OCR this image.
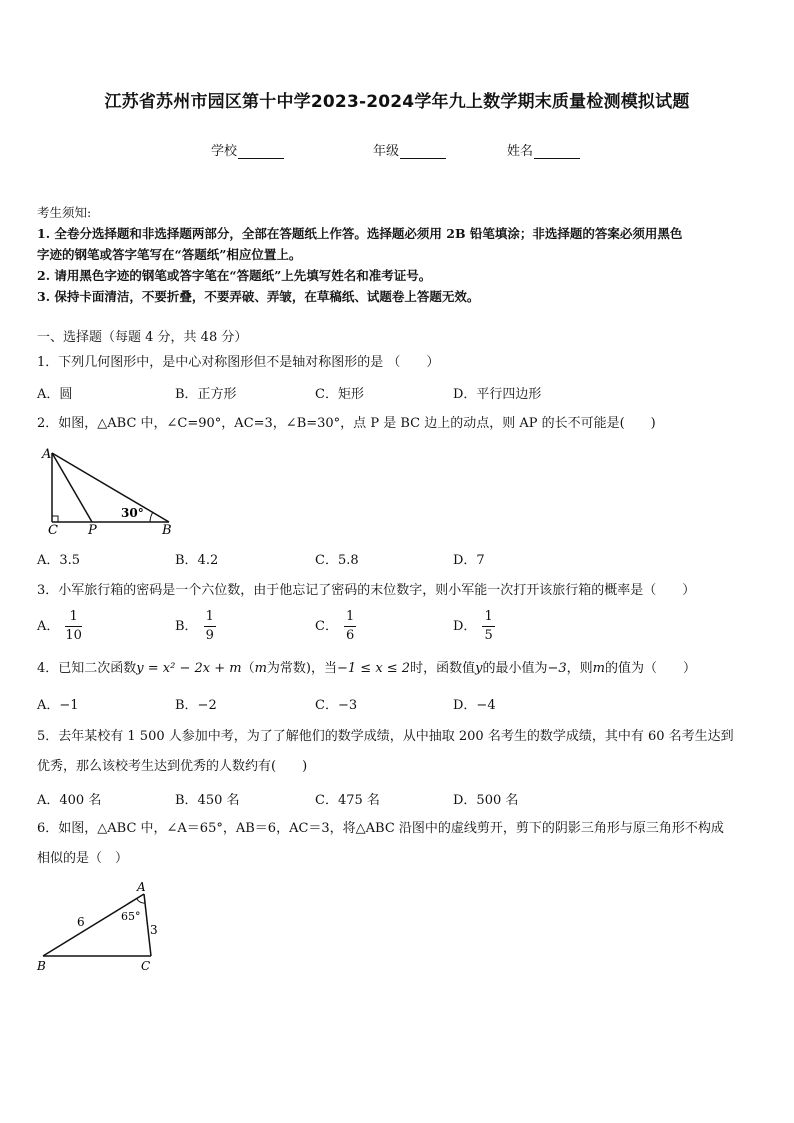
江苏省苏州市园区第十中学2023-2024学年九上数学期末质量检测模拟试题
学校	年级	姓名
考生须知:
1. 全卷分选择题和非选择题两部分，全部在答题纸上作答。选择题必须用 2B 铅笔填涂；非选择题的答案必须用黑色
字迹的钢笔或答字笔写在“答题纸”相应位置上。
2. 请用黑色字迹的钢笔或答字笔在“答题纸”上先填写姓名和准考证号。
3. 保持卡面清洁，不要折叠，不要弄破、弄皱，在草稿纸、试题卷上答题无效。
一、选择题（每题 4 分，共 48 分）
1．下列几何图形中，是中心对称图形但不是轴对称图形的是 （　　）
A．圆	B．正方形	C．矩形	D．平行四边形
2．如图，△ABC 中，∠C=90°，AC=3，∠B=30°，点 P 是 BC 边上的动点，则 AP 的长不可能是(　　)
A
C P	B
30°
A．3.5	B．4.2	C．5.8	D．7
3．小军旅行箱的密码是一个六位数，由于他忘记了密码的末位数字，则小军能一次打开该旅行箱的概率是（　　）
A． $\frac{1}{10}$	B． $\frac{1}{9}$	C． $\frac{1}{6}$	D． $\frac{1}{5}$
4．已知二次函数y = x² − 2x + m（m为常数)，当−1 ≤ x ≤ 2时，函数值y的最小值为−3，则m的值为（　　）
A．−1	B．−2	C．−3	D．−4
5．去年某校有 1 500 人参加中考，为了了解他们的数学成绩，从中抽取 200 名考生的数学成绩，其中有 60 名考生达到
优秀，那么该校考生达到优秀的人数约有(　　)
A．400 名	B．450 名	C．475 名	D．500 名
6．如图，△ABC 中，∠A＝65°，AB＝6，AC＝3，将△ABC 沿图中的虚线剪开，剪下的阴影三角形与原三角形不构成
相似的是（　）
A
B	C
6
3
65°
